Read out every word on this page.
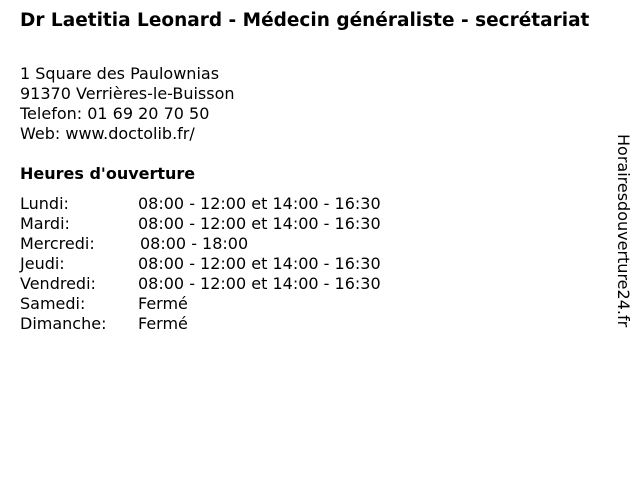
Dr Laetitia Leonard - Médecin généraliste - secrétariat
1 Square des Paulownias
91370 Verrières-le-Buisson
Telefon: 01 69 20 70 50
Web: www.doctolib.fr/
Heures d'ouverture
Lundi:	08:00 - 12:00 et 14:00 - 16:30
Mardi:	08:00 - 12:00 et 14:00 - 16:30
Mercredi:	08:00 - 18:00
Jeudi:	08:00 - 12:00 et 14:00 - 16:30
Vendredi:	08:00 - 12:00 et 14:00 - 16:30
Samedi:	Fermé
Dimanche:	Fermé	Horairesdouverture24.fr
